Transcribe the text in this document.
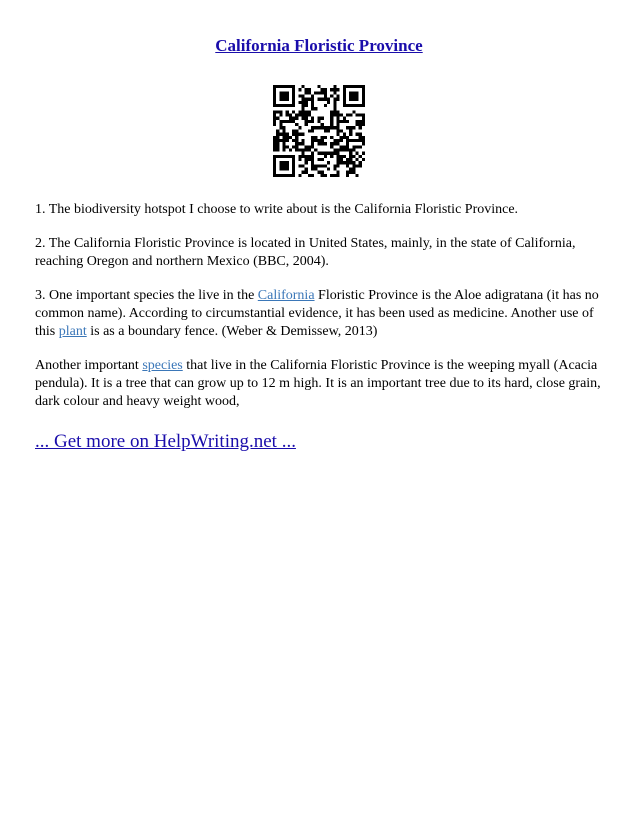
California Floristic Province

1. The biodiversity hotspot I choose to write about is the California Floristic Province.

2. The California Floristic Province is located in United States, mainly, in the state of California, reaching Oregon and northern Mexico (BBC, 2004).

3. One important species the live in the California Floristic Province is the Aloe adigratana (it has no common name). According to circumstantial evidence, it has been used as medicine. Another use of this plant is as a boundary fence. (Weber & Demissew, 2013)

Another important species that live in the California Floristic Province is the weeping myall (Acacia pendula). It is a tree that can grow up to 12 m high. It is an important tree due to its hard, close grain, dark colour and heavy weight wood,

... Get more on HelpWriting.net ...
